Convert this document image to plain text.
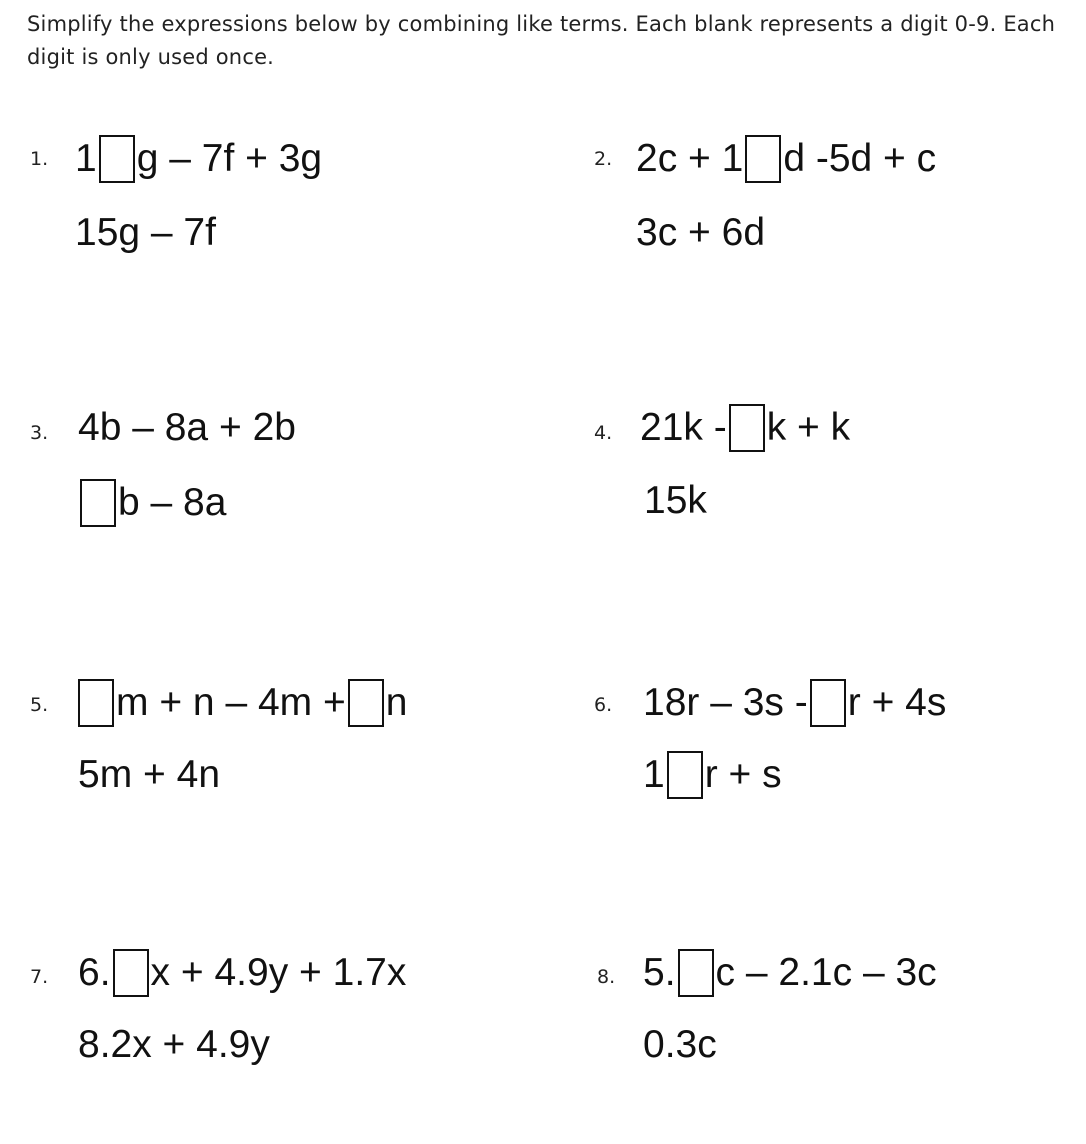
Simplify the expressions below by combining like terms. Each blank represents a digit 0-9. Each digit is only used once.
1. 1 g – 7f + 3g
15g – 7f
2. 2c + 1 d -5d + c
3c + 6d
3. 4b – 8a + 2b
b – 8a
4. 21k -k + k
15k
5.	m + n – 4m +n
5m + 4n
6. 18r – 3s - r + 4s
1 r + s
7. 6. x + 4.9y + 1.7x
8.2x + 4.9y
8. 5. c – 2.1c – 3c
0.3c
